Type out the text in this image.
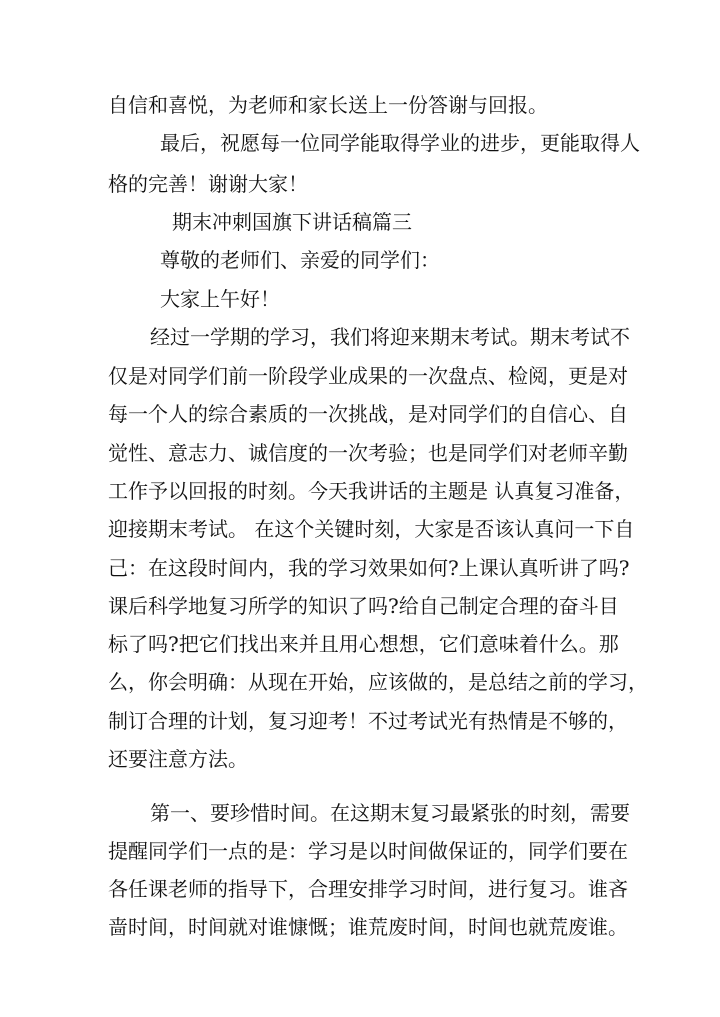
自信和喜悦，为老师和家长送上一份答谢与回报。
最后，祝愿每一位同学能取得学业的进步，更能取得人
格的完善！谢谢大家！
期末冲刺国旗下讲话稿篇三
尊敬的老师们、亲爱的同学们：
大家上午好！
经过一学期的学习，我们将迎来期末考试。期末考试不
仅是对同学们前一阶段学业成果的一次盘点、检阅，更是对
每一个人的综合素质的一次挑战，是对同学们的自信心、自
觉性、意志力、诚信度的一次考验；也是同学们对老师辛勤
工作予以回报的时刻。今天我讲话的主题是 认真复习准备，
迎接期末考试。 在这个关键时刻，大家是否该认真问一下自
己：在这段时间内，我的学习效果如何?上课认真听讲了吗?
课后科学地复习所学的知识了吗?给自己制定合理的奋斗目
标了吗?把它们找出来并且用心想想，它们意味着什么。那
么，你会明确：从现在开始，应该做的，是总结之前的学习，
制订合理的计划，复习迎考！不过考试光有热情是不够的，
还要注意方法。
第一、要珍惜时间。在这期末复习最紧张的时刻，需要
提醒同学们一点的是：学习是以时间做保证的，同学们要在
各任课老师的指导下，合理安排学习时间，进行复习。谁吝
啬时间，时间就对谁慷慨；谁荒废时间，时间也就荒废谁。
